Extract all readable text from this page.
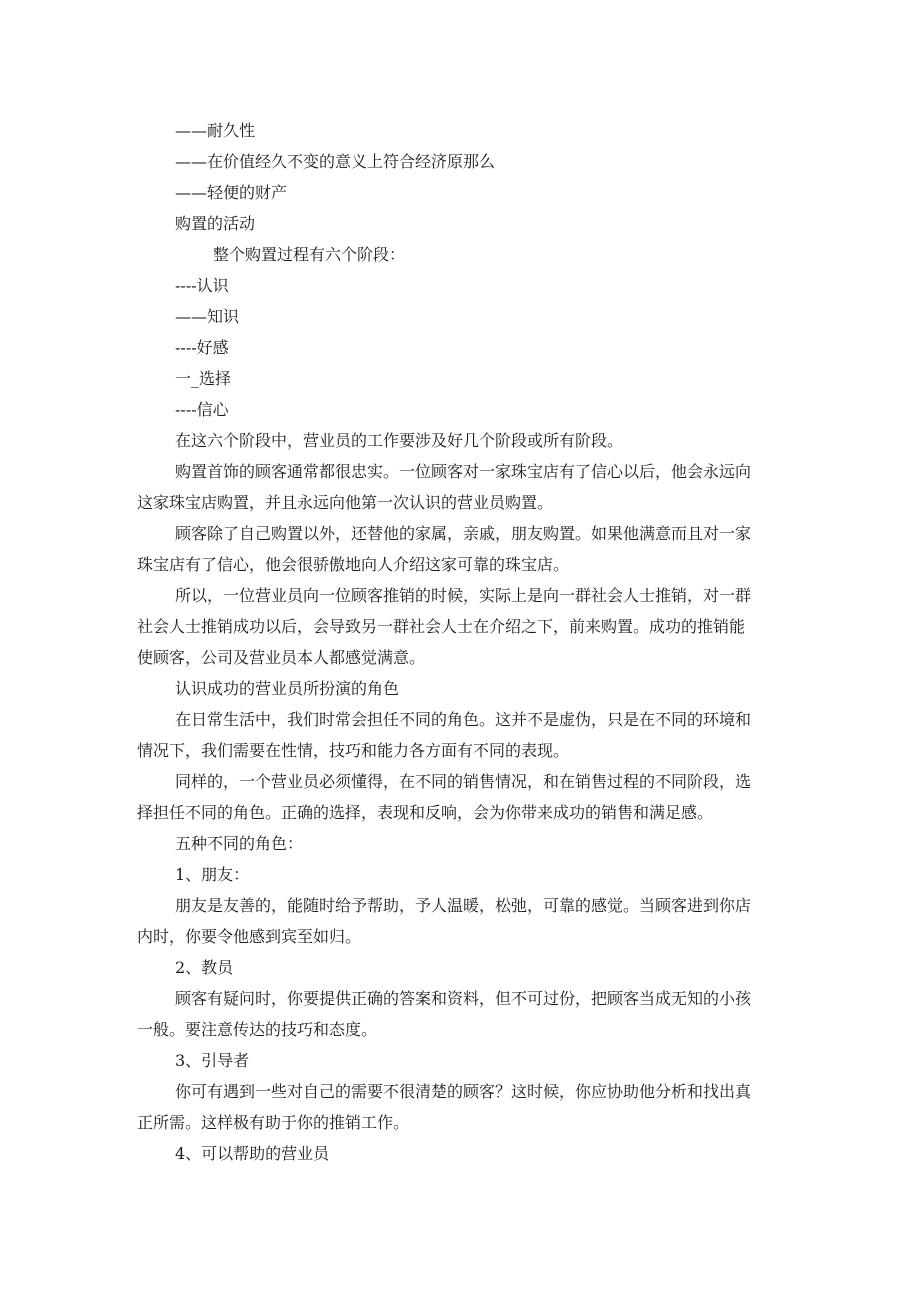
——耐久性

——在价值经久不变的意义上符合经济原那么

——轻便的财产

购置的活动

整个购置过程有六个阶段：

----认识

——知识

----好感

一_选择

----信心

在这六个阶段中，营业员的工作要涉及好几个阶段或所有阶段。

购置首饰的顾客通常都很忠实。一位顾客对一家珠宝店有了信心以后，他会永远向

这家珠宝店购置，并且永远向他第一次认识的营业员购置。

顾客除了自己购置以外，还替他的家属，亲戚，朋友购置。如果他满意而且对一家

珠宝店有了信心，他会很骄傲地向人介绍这家可靠的珠宝店。

所以，一位营业员向一位顾客推销的时候，实际上是向一群社会人士推销，对一群

社会人士推销成功以后，会导致另一群社会人士在介绍之下，前来购置。成功的推销能

使顾客，公司及营业员本人都感觉满意。

认识成功的营业员所扮演的角色

在日常生活中，我们时常会担任不同的角色。这并不是虚伪，只是在不同的环境和

情况下，我们需要在性情，技巧和能力各方面有不同的表现。

同样的，一个营业员必须懂得，在不同的销售情况，和在销售过程的不同阶段，选

择担任不同的角色。正确的选择，表现和反响，会为你带来成功的销售和满足感。

五种不同的角色：

1、朋友：

朋友是友善的，能随时给予帮助，予人温暖，松弛，可靠的感觉。当顾客进到你店

内时，你要令他感到宾至如归。

2、教员

顾客有疑问时，你要提供正确的答案和资料，但不可过份，把顾客当成无知的小孩

一般。要注意传达的技巧和态度。

3、引导者

你可有遇到一些对自己的需要不很清楚的顾客？这时候，你应协助他分析和找出真

正所需。这样极有助于你的推销工作。

4、可以帮助的营业员
